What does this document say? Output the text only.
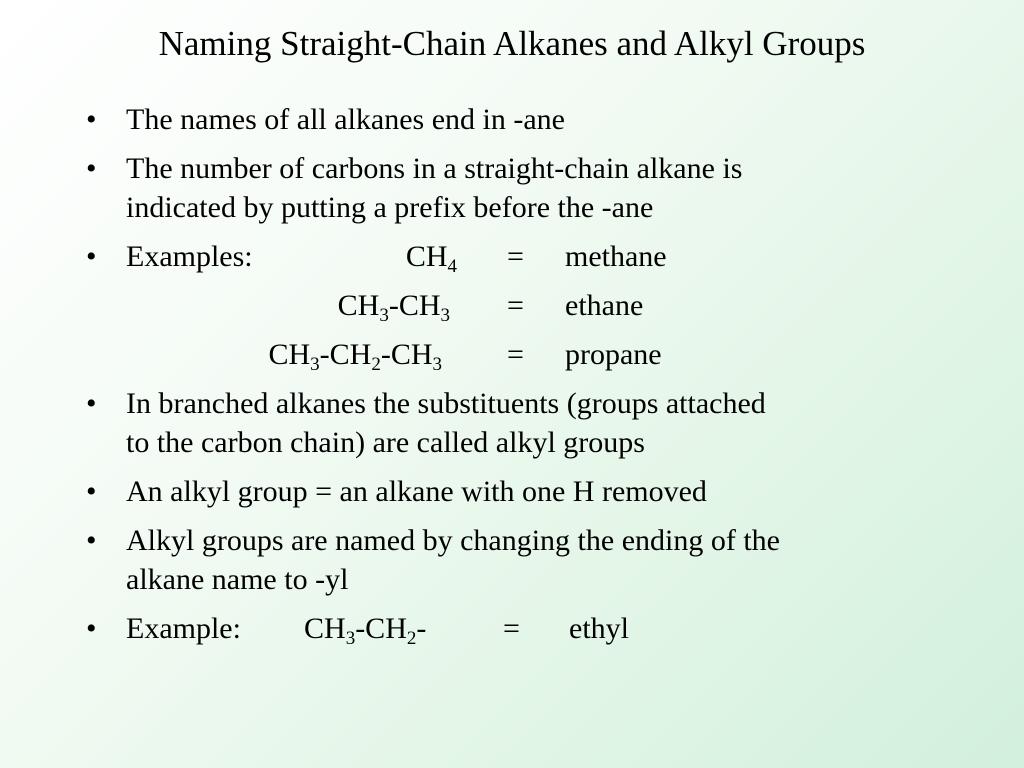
Naming Straight-Chain Alkanes and Alkyl Groups
• The names of all alkanes end in -ane
• The number of carbons in a straight-chain alkane is
indicated by putting a prefix before the -ane
• Examples:	$CH_4$ = methane
$CH_3-CH_3$ = ethane
$CH_3-CH_2-CH_3$ = propane
• In branched alkanes the substituents (groups attached
to the carbon chain) are called alkyl groups
• An alkyl group = an alkane with one H removed
• Alkyl groups are named by changing the ending of the
alkane name to -yl
• Example: $CH_3-CH_2-$	= ethyl
